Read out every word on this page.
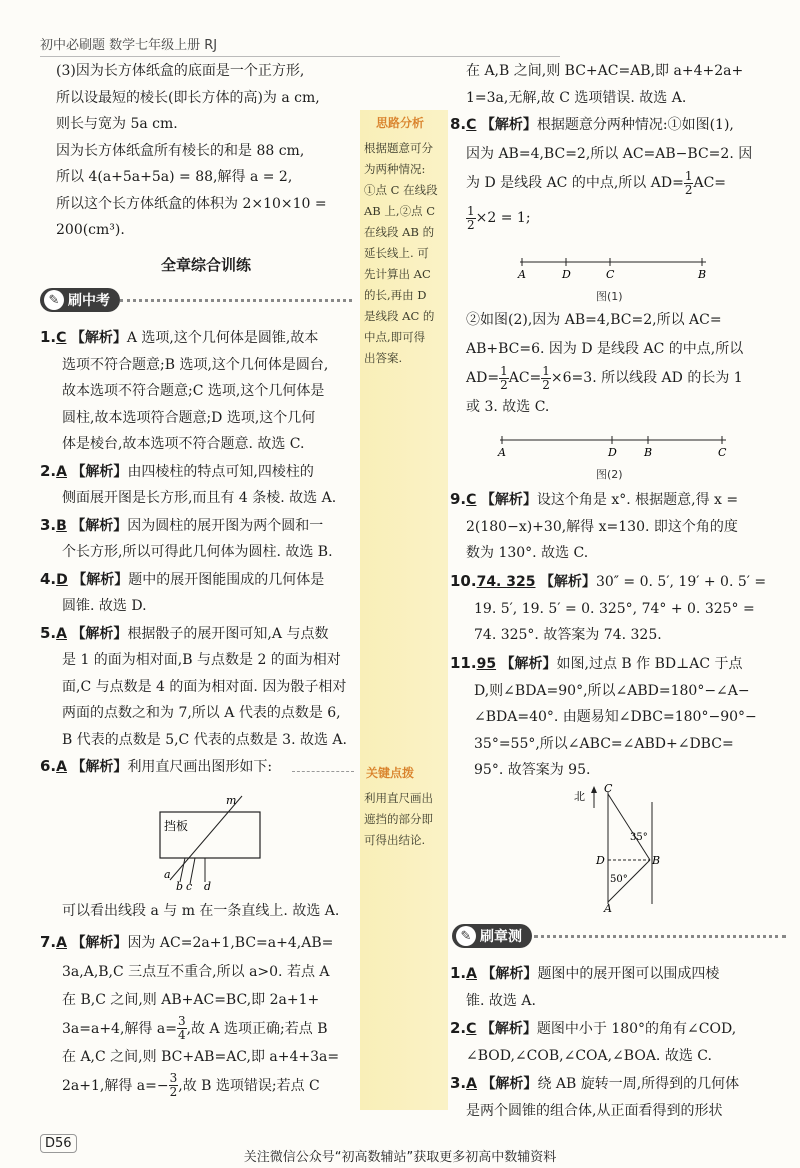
初中必刷题 数学七年级上册 RJ

(3)因为长方体纸盒的底面是一个正方形,

所以设最短的棱长(即长方体的高)为 a cm,

则长与宽为 5a cm.

因为长方体纸盒所有棱长的和是 88 cm,

所以 4(a+5a+5a) = 88,解得 a = 2,

所以这个长方体纸盒的体积为 2×10×10 =

200(cm³).

全章综合训练
✎ 刷中考

1.C 【解析】A 选项,这个几何体是圆锥,故本

选项不符合题意;B 选项,这个几何体是圆台,

故本选项不符合题意;C 选项,这个几何体是

圆柱,故本选项符合题意;D 选项,这个几何

体是棱台,故本选项不符合题意. 故选 C.

2.A 【解析】由四棱柱的特点可知,四棱柱的

侧面展开图是长方形,而且有 4 条棱. 故选 A.

3.B 【解析】因为圆柱的展开图为两个圆和一

个长方形,所以可得此几何体为圆柱. 故选 B.

4.D 【解析】题中的展开图能围成的几何体是

圆锥. 故选 D.

5.A 【解析】根据骰子的展开图可知,A 与点数

是 1 的面为相对面,B 与点数是 2 的面为相对

面,C 与点数是 4 的面为相对面. 因为骰子相对

两面的点数之和为 7,所以 A 代表的点数是 6,

B 代表的点数是 5,C 代表的点数是 3. 故选 A.

6.A 【解析】利用直尺画出图形如下:

挡板
m
a
b c d
可以看出线段 a 与 m 在一条直线上. 故选 A.

7.A 【解析】因为 AC=2a+1,BC=a+4,AB=

3a,A,B,C 三点互不重合,所以 a>0. 若点 A

在 B,C 之间,则 AB+AC=BC,即 2a+1+

3a=a+4,解得 $a= \frac{3}{4}$ ,故 A 选项正确;若点 B

在 A,C 之间,则 BC+AB=AC,即 a+4+3a=

2a+1,解得 $a=- \frac{3}{2}$ ,故 B 选项错误;若点 C

思路分析
根据题意可分
为两种情况:
①点 C 在线段
AB 上,②点 C
在线段 AB 的
延长线上. 可
先计算出 AC
的长,再由 D
是线段 AC 的
中点,即可得
出答案.
关键点拨
利用直尺画出
遮挡的部分即
可得出结论.

在 A,B 之间,则 BC+AC=AB,即 a+4+2a+

1=3a,无解,故 C 选项错误. 故选 A.

8.C 【解析】根据题意分两种情况:①如图(1),

因为 AB=4,BC=2,所以 AC=AB−BC=2. 因

为 D 是线段 AC 的中点,所以 $AD= \frac{1}{2} AC=$

$\frac{1}{2} \times 2 = 1$;

A	D	C	B
图(1)

②如图(2),因为 AB=4,BC=2,所以 AC=

AB+BC=6. 因为 D 是线段 AC 的中点,所以

$AD= \frac{1}{2} AC= \frac{1}{2} \times 6=3$. 所以线段 AD 的长为 1

或 3. 故选 C.

A	D B	C
图(2)

9.C 【解析】设这个角是 x°. 根据题意,得 x =

2(180−x)+30,解得 x=130. 即这个角的度

数为 130°. 故选 C.

10.74. 325 【解析】30″ = 0. 5′, 19′ + 0. 5′ =

19. 5′, 19. 5′ = 0. 325°, 74° + 0. 325° =

74. 325°. 故答案为 74. 325.

11.95 【解析】如图,过点 B 作 BD⊥AC 于点

D,则∠BDA=90°,所以∠ABD=180°−∠A−

∠BDA=40°. 由题易知∠DBC=180°−90°−

35°=55°,所以∠ABC=∠ABD+∠DBC=

95°. 故答案为 95.

北
C
D	B
A
35°
50°
✎ 刷章测

1.A 【解析】题图中的展开图可以围成四棱

锥. 故选 A.

2.C 【解析】题图中小于 180°的角有∠COD,

∠BOD,∠COB,∠COA,∠BOA. 故选 C.

3.A 【解析】绕 AB 旋转一周,所得到的几何体

是两个圆锥的组合体,从正面看得到的形状

D56
关注微信公众号“初高数辅站”获取更多初高中数辅资料
